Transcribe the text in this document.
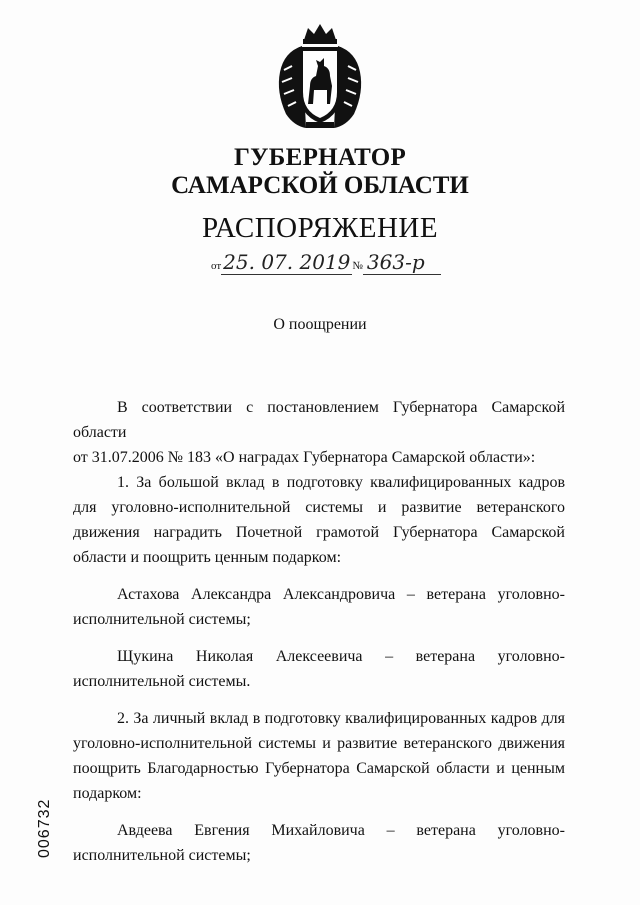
ГУБЕРНАТОР
САМАРСКОЙ ОБЛАСТИ
РАСПОРЯЖЕНИЕ
от 25. 07. 2019 № 363-р
О поощрении

В соответствии с постановлением Губернатора Самарской области

от 31.07.2006 № 183 «О наградах Губернатора Самарской области»:

1. За большой вклад в подготовку квалифицированных кадров для уголовно-исполнительной системы и развитие ветеранского движения наградить Почетной грамотой Губернатора Самарской области и поощрить ценным подарком:

Астахова Александра Александровича – ветерана уголовно-исполнительной системы;

Щукина Николая Алексеевича – ветерана уголовно-исполнительной системы.

2. За личный вклад в подготовку квалифицированных кадров для уголовно-исполнительной системы и развитие ветеранского движения поощрить Благодарностью Губернатора Самарской области и ценным подарком:

Авдеева Евгения Михайловича – ветерана уголовно-исполнительной системы;

006732
